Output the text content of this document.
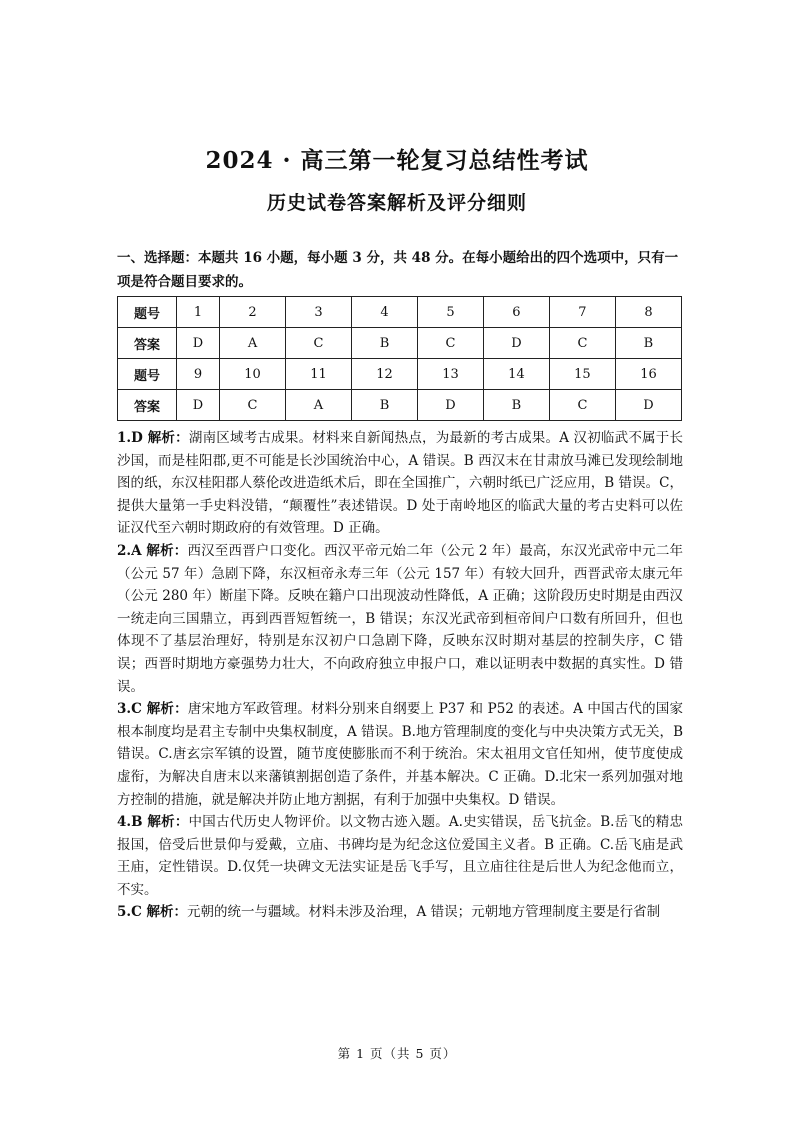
2024 · 高三第一轮复习总结性考试
历史试卷答案解析及评分细则
一、选择题：本题共 16 小题，每小题 3 分，共 48 分。在每小题给出的四个选项中，只有一项是符合题目要求的。
题号	1	2	3	4	5	6	7	8
答案	D	A	C	B	C	D	C	B
题号	9	10	11	12	13	14	15	16
答案	D	C	A	B	D	B	C	D

1.D 解析：湖南区域考古成果。材料来自新闻热点，为最新的考古成果。A 汉初临武不属于长沙国，而是桂阳郡,更不可能是长沙国统治中心，A 错误。B 西汉末在甘肃放马滩已发现绘制地图的纸，东汉桂阳郡人蔡伦改进造纸术后，即在全国推广，六朝时纸已广泛应用，B 错误。C，提供大量第一手史料没错，“颠覆性”表述错误。D 处于南岭地区的临武大量的考古史料可以佐证汉代至六朝时期政府的有效管理。D 正确。

2.A 解析：西汉至西晋户口变化。西汉平帝元始二年（公元 2 年）最高，东汉光武帝中元二年（公元 57 年）急剧下降，东汉桓帝永寿三年（公元 157 年）有较大回升，西晋武帝太康元年（公元 280 年）断崖下降。反映在籍户口出现波动性降低，A 正确；这阶段历史时期是由西汉一统走向三国鼎立，再到西晋短暂统一，B 错误；东汉光武帝到桓帝间户口数有所回升，但也体现不了基层治理好，特别是东汉初户口急剧下降，反映东汉时期对基层的控制失序，C 错误；西晋时期地方豪强势力壮大，不向政府独立申报户口，难以证明表中数据的真实性。D 错误。

3.C 解析：唐宋地方军政管理。材料分别来自纲要上 P37 和 P52 的表述。A 中国古代的国家根本制度均是君主专制中央集权制度，A 错误。B.地方管理制度的变化与中央决策方式无关，B 错误。C.唐玄宗军镇的设置，随节度使膨胀而不利于统治。宋太祖用文官任知州，使节度使成虚衔，为解决自唐末以来藩镇割据创造了条件，并基本解决。C 正确。D.北宋一系列加强对地方控制的措施，就是解决并防止地方割据，有利于加强中央集权。D 错误。

4.B 解析：中国古代历史人物评价。以文物古迹入题。A.史实错误，岳飞抗金。B.岳飞的精忠报国，倍受后世景仰与爱戴，立庙、书碑均是为纪念这位爱国主义者。B 正确。C.岳飞庙是武王庙，定性错误。D.仅凭一块碑文无法实证是岳飞手写，且立庙往往是后世人为纪念他而立，不实。

5.C 解析：元朝的统一与疆域。材料未涉及治理，A 错误；元朝地方管理制度主要是行省制

第 1 页（共 5 页）
